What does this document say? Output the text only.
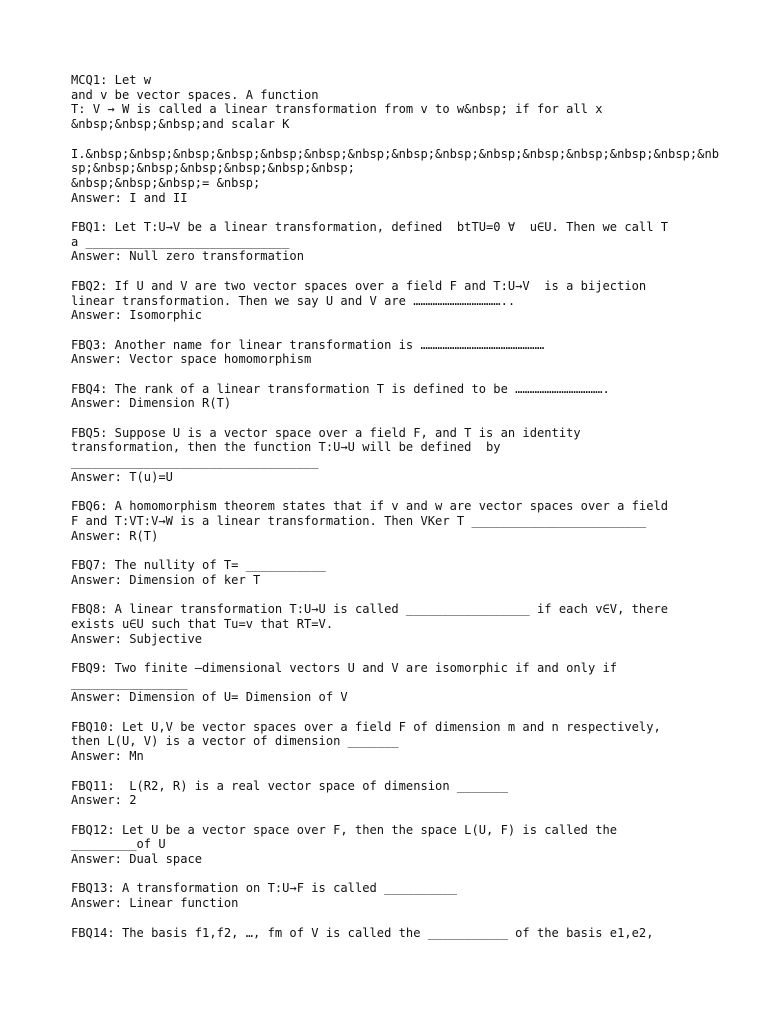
MCQ1: Let w
and v be vector spaces. A function
T: V → W is called a linear transformation from v to w&nbsp; if for all x
&nbsp;&nbsp;&nbsp;and scalar K
I.&nbsp;&nbsp;&nbsp;&nbsp;&nbsp;&nbsp;&nbsp;&nbsp;&nbsp;&nbsp;&nbsp;&nbsp;&nbsp;&nbsp;&nb
sp;&nbsp;&nbsp;&nbsp;&nbsp;&nbsp;&nbsp;
&nbsp;&nbsp;&nbsp;= &nbsp;
Answer: I and II
FBQ1: Let T:U→V be a linear transformation, defined  btTU=0 ∀  u∈U. Then we call T
a ____________________________
Answer: Null zero transformation
FBQ2: If U and V are two vector spaces over a field F and T:U→V  is a bijection
linear transformation. Then we say U and V are ………………………………..
Answer: Isomorphic
FBQ3: Another name for linear transformation is ……………………………………………
Answer: Vector space homomorphism
FBQ4: The rank of a linear transformation T is defined to be ……………………………….
Answer: Dimension R(T)
FBQ5: Suppose U is a vector space over a field F, and T is an identity
transformation, then the function T:U→U will be defined  by
__________________________________
Answer: T(u)=U
FBQ6: A homomorphism theorem states that if v and w are vector spaces over a field
F and T:VT:V→W is a linear transformation. Then VKer T ________________________
Answer: R(T)
FBQ7: The nullity of T= ___________
Answer: Dimension of ker T
FBQ8: A linear transformation T:U→U is called _________________ if each v∈V, there
exists u∈U such that Tu=v that RT=V.
Answer: Subjective
FBQ9: Two finite –dimensional vectors U and V are isomorphic if and only if
________________
Answer: Dimension of U= Dimension of V
FBQ10: Let U,V be vector spaces over a field F of dimension m and n respectively,
then L(U, V) is a vector of dimension _______
Answer: Mn
FBQ11:  L(R2, R) is a real vector space of dimension _______
Answer: 2
FBQ12: Let U be a vector space over F, then the space L(U, F) is called the
_________of U
Answer: Dual space
FBQ13: A transformation on T:U→F is called __________
Answer: Linear function
FBQ14: The basis f1,f2, …, fm of V is called the ___________ of the basis e1,e2,
